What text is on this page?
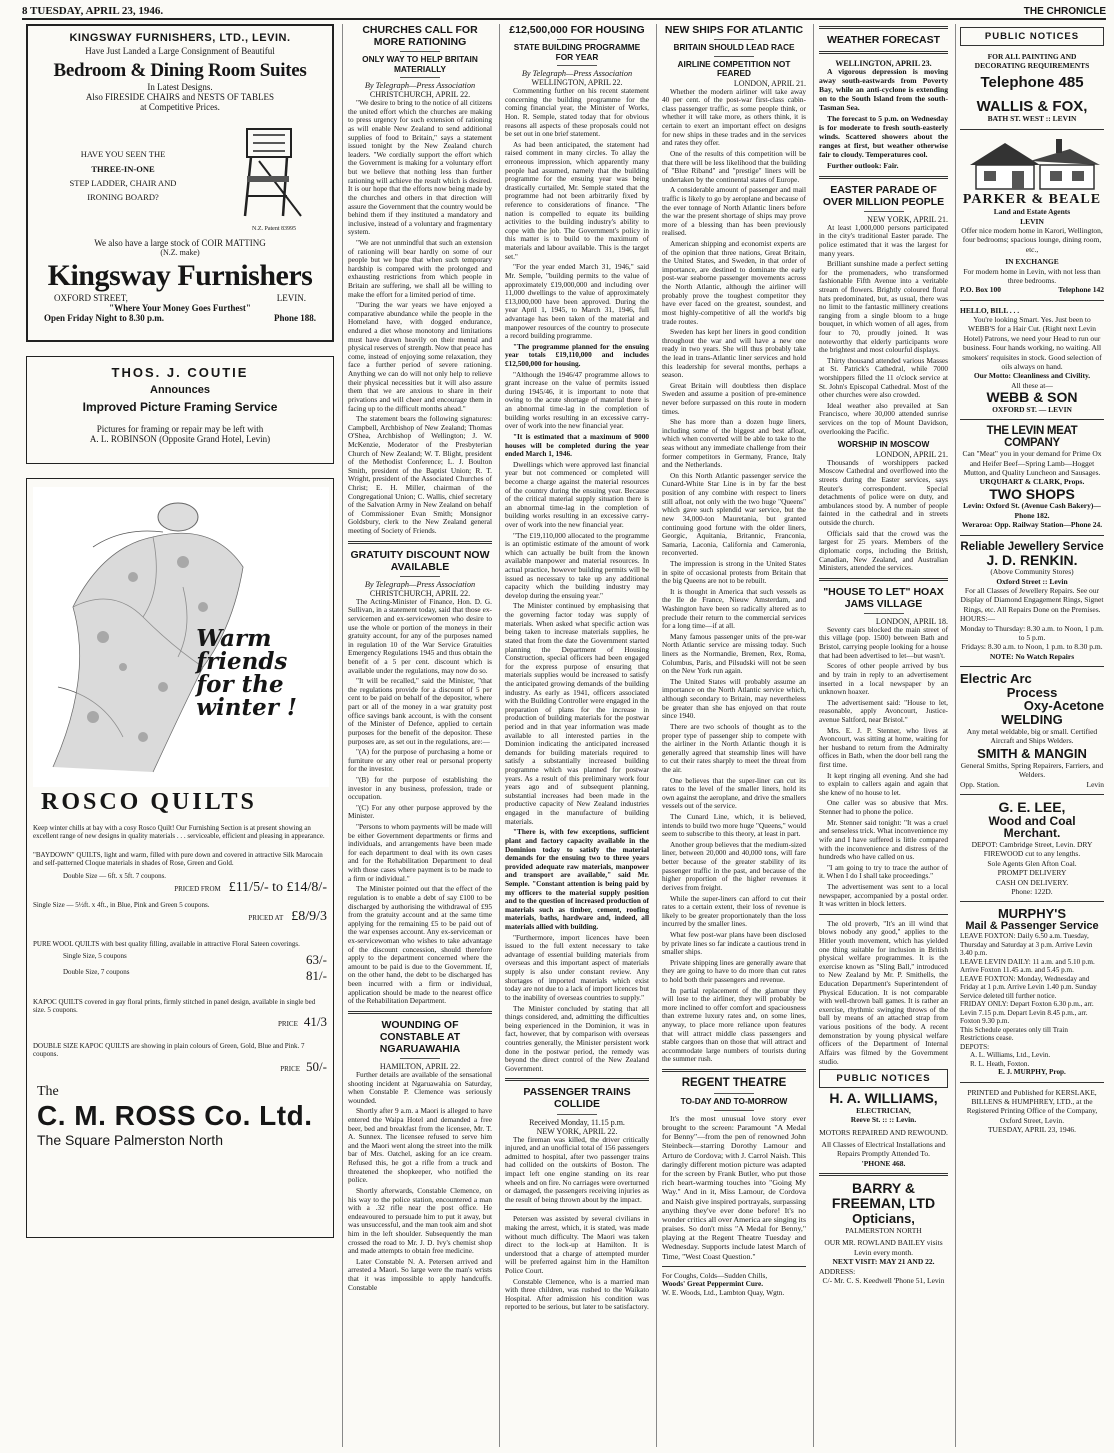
8 TUESDAY, APRIL 23, 1946.	THE CHRONICLE
KINGSWAY FURNISHERS, LTD., LEVIN.
Have Just Landed a Large Consignment of Beautiful
Bedroom & Dining Room Suites
In Latest Designs.
Also FIRESIDE CHAIRS and NESTS OF TABLES
at Competitive Prices.
HAVE YOU SEEN THE
THREE-IN-ONE
STEP LADDER, CHAIR AND
IRONING BOARD?
N.Z. Patent 83995
We also have a large stock of COIR MATTING
(N.Z. make)
Kingsway Furnishers
OXFORD STREET,	LEVIN.
"Where Your Money Goes Furthest"
Open Friday Night to 8.30 p.m.	Phone 188.
THOS. J. COUTIE
Announces
Improved Picture Framing Service
Pictures for framing or repair may be left with
A. L. ROBINSON (Opposite Grand Hotel, Levin)
Warm
friends
for the
winter !
ROSCO QUILTS
Keep winter chills at bay with a cosy Rosco Quilt! Our Furnishing Section is at present showing an excellent range of new designs in quality materials . . . serviceable, efficient and pleasing in appearance.
"BAYDOWN" QUILTS, light and warm, filled with pure down and covered in attractive Silk Marocain and self-patterned Cloque materials in shades of Rose, Green and Gold.
Double Size — 6ft. x 5ft. 7 coupons.
PRICED FROM £11/5/- to £14/8/-
Single Size — 5½ft. x 4ft., in Blue, Pink and Green 5 coupons.
PRICED AT £8/9/3
PURE WOOL QUILTS with best quality filling, available in attractive Floral Sateen coverings.
Single Size, 5 coupons	63/-
Double Size, 7 coupons	81/-
KAPOC QUILTS covered in gay floral prints, firmly stitched in panel design, available in single bed size. 5 coupons.
PRICE 41/3
DOUBLE SIZE KAPOC QUILTS are showing in plain colours of Green, Gold, Blue and Pink. 7 coupons.
PRICE 50/-
The
C. M. ROSS Co. Ltd.
The Square Palmerston North
CHURCHES CALL FOR MORE RATIONING
ONLY WAY TO HELP BRITAIN MATERIALLY
By Telegraph—Press Association
CHRISTCHURCH, APRIL 22.

"We desire to bring to the notice of all citizens the united effort which the churches are making to press urgency for such extension of rationing as will enable New Zealand to send additional supplies of food to Britain," says a statement issued tonight by the New Zealand church leaders. "We cordially support the effort which the Government is making for a voluntary effort but we believe that nothing less than further rationing will achieve the result which is desired. It is our hope that the efforts now being made by the churches and others in that direction will assure the Government that the country would be behind them if they instituted a mandatory and inclusive, instead of a voluntary and fragmentary system.

"We are not unmindful that such an extension of rationing will bear hardly on some of our people but we hope that when such temporary hardship is compared with the prolonged and exhausting restrictions from which people in Britain are suffering, we shall all be willing to make the effort for a limited period of time.

"During the war years we have enjoyed a comparative abundance while the people in the Homeland have, with dogged endurance, endured a diet whose monotony and limitations must have drawn heavily on their mental and physical reserves of strength. Now that peace has come, instead of enjoying some relaxation, they face a further period of severe rationing. Anything we can do will not only help to relieve their physical necessities but it will also assure them that we are anxious to share in their privations and will cheer and encourage them in facing up to the difficult months ahead."

The statement bears the following signatures: Campbell, Archbishop of New Zealand; Thomas O'Shea, Archbishop of Wellington; J. W. McKenzie, Moderator of the Presbyterian Church of New Zealand; W. T. Blight, president of the Methodist Conference; L. J. Boulton Smith, president of the Baptist Union; R. T. Wright, president of the Associated Churches of Christ; E. H. Miller, chairman of the Congregational Union; C. Wallis, chief secretary of the Salvation Army in New Zealand on behalf of Commissioner Evan Smith; Monsignor Goldsbury, clerk to the New Zealand general meeting of Society of Friends.

GRATUITY DISCOUNT NOW AVAILABLE
By Telegraph—Press Association
CHRISTCHURCH, APRIL 22.

The Acting-Minister of Finance, Hon. D. G. Sullivan, in a statement today, said that those ex-servicemen and ex-servicewomen who desire to use the whole or portion of the moneys in their gratuity account, for any of the purposes named in regulation 10 of the War Service Gratuities Emergency Regulations 1945 and thus obtain the benefit of a 5 per cent. discount which is available under the regulations, may now do so.

"It will be recalled," said the Minister, "that the regulations provide for a discount of 5 per cent to be paid on behalf of the depositor, where part or all of the money in a war gratuity post office savings bank account, is with the consent of the Minister of Defence, applied to certain purposes for the benefit of the depositor. These purposes are, as set out in the regulations, are:—

"(A) for the purpose of purchasing a home or furniture or any other real or personal property for the investor.

"(B) for the purpose of establishing the investor in any business, profession, trade or occupation.

"(C) For any other purpose approved by the Minister.

"Persons to whom payments will be made will be either Government departments or firms and individuals, and arrangements have been made for each department to deal with its own cases and for the Rehabilitation Department to deal with those cases where payment is to be made to a firm or individual."

The Minister pointed out that the effect of the regulation is to enable a debt of say £100 to be discharged by authorising the withdrawal of £95 from the gratuity account and at the same time applying for the remaining £5 to be paid out of the war expenses account. Any ex-serviceman or ex-servicewoman who wishes to take advantage of the discount concession, should therefore apply to the department concerned where the amount to be paid is due to the Government. If, on the other hand, the debt to be discharged has been incurred with a firm or individual, application should be made to the nearest office of the Rehabilitation Department.

WOUNDING OF CONSTABLE AT NGARUAWAHIA
HAMILTON, APRIL 22.

Further details are available of the sensational shooting incident at Ngaruawahia on Saturday, when Constable P. Clemence was seriously wounded.

Shortly after 9 a.m. a Maori is alleged to have entered the Waipa Hotel and demanded a free beer, bed and breakfast from the licensee, Mr. T. A. Sunnex. The licensee refused to serve him and the Maori went along the street into the milk bar of Mrs. Oatchel, asking for an ice cream. Refused this, he got a rifle from a truck and threatened the shopkeeper, who notified the police.

Shortly afterwards, Constable Clemence, on his way to the police station, encountered a man with a .32 rifle near the post office. He endeavoured to persuade him to put it away, but was unsuccessful, and the man took aim and shot him in the left shoulder. Subsequently the man crossed the road to Mr. J. D. Ivy's chemist shop and made attempts to obtain free medicine.

Later Constable N. A. Petersen arrived and arrested a Maori. So large were the man's wrists that it was impossible to apply handcuffs. Constable

£12,500,000 FOR HOUSING
STATE BUILDING PROGRAMME FOR YEAR
By Telegraph—Press Association
WELLINGTON, APRIL 22.

Commenting further on his recent statement concerning the building programme for the coming financial year, the Minister of Works, Hon. R. Semple, stated today that for obvious reasons all aspects of these proposals could not be set out in one brief statement.

As had been anticipated, the statement had raised comment in many circles. To allay the erroneous impression, which apparently many people had assumed, namely that the building programme for the ensuing year was being drastically curtailed, Mr. Semple stated that the programme had not been arbitrarily fixed by reference to considerations of finance. "The nation is compelled to equate its building activities to the building industry's ability to cope with the job. The Government's policy in this matter is to build to the maximum of materials and labour available. This is the target set."

"For the year ended March 31, 1946," said Mr. Semple, "building permits to the value of approximately £19,000,000 and including over 11,000 dwellings to the value of approximately £13,000,000 have been approved. During the year April 1, 1945, to March 31, 1946, full advantage has been taken of the material and manpower resources of the country to prosecute a record building programme.

"The programme planned for the ensuing year totals £19,110,000 and includes £12,500,000 for housing.

"Although the 1946/47 programme allows to grant increase on the value of permits issued during 1945/46, it is important to note that owing to the acute shortage of material there is an abnormal time-lag in the completion of building works resulting in an excessive carry-over of work into the new financial year.

"It is estimated that a maximum of 9000 houses will be completed during the year ended March 1, 1946.

Dwellings which were approved last financial year but not commenced or completed will become a charge against the material resources of the country during the ensuing year. Because of the critical material supply situation there is an abnormal time-lag in the completion of building works resulting in an excessive carry-over of work into the new financial year.

"The £19,110,000 allocated to the programme is an optimistic estimate of the amount of work which can actually be built from the known available manpower and material resources. In actual practice, however building permits will be issued as necessary to take up any additional capacity which the building industry may develop during the ensuing year."

The Minister continued by emphasising that the governing factor today was supply of materials. When asked what specific action was being taken to increase materials supplies, he stated that from the date the Government started planning the Department of Housing Construction, special officers had been engaged for the express purpose of ensuring that materials supplies would be increased to satisfy the anticipated growing demands of the building industry. As early as 1941, officers associated with the Building Controller were engaged in the preparation of plans for the increase in production of building materials for the postwar period and in that year information was made available to all interested parties in the Dominion indicating the anticipated increased demands for building materials required to satisfy a substantially increased building programme which was planned for postwar years. As a result of this preliminary work four years ago and of subsequent planning, substantial increases had been made in the productive capacity of New Zealand industries engaged in the manufacture of building materials.

"There is, with few exceptions, sufficient plant and factory capacity available in the Dominion today to satisfy the material demands for the ensuing two to three years provided adequate raw materials, manpower and transport are available," said Mr. Semple. "Constant attention is being paid by my officers to the material supply position and to the question of increased production of materials such as timber, cement, roofing materials, baths, hardware and, indeed, all materials allied with building.

"Furthermore, import licences have been issued to the full extent necessary to take advantage of essential building materials from overseas and this important aspect of materials supply is also under constant review. Any shortages of imported materials which exist today are not due to a lack of import licences but to the inability of overseas countries to supply."

The Minister concluded by stating that all things considered, and, admitting the difficulties being experienced in the Dominion, it was in fact, however, that by comparison with overseas countries generally, the Minister persistent work done in the postwar period, the remedy was beyond the direct control of the New Zealand Government.

PASSENGER TRAINS COLLIDE
Received Monday, 11.15 p.m.
NEW YORK, APRIL 22.

The fireman was killed, the driver critically injured, and an unofficial total of 156 passengers admitted to hospital, after two passenger trains had collided on the outskirts of Boston. The impact left one engine standing on its rear wheels and on fire. No carriages were overturned or damaged, the passengers receiving injuries as the result of being thrown about by the impact.

Petersen was assisted by several civilians in making the arrest, which, it is stated, was made without much difficulty. The Maori was taken direct to the lock-up at Hamilton. It is understood that a charge of attempted murder will be preferred against him in the Hamilton Police Court.

Constable Clemence, who is a married man with three children, was rushed to the Waikato Hospital. After admission his condition was reported to be serious, but later to be satisfactory.

NEW SHIPS FOR ATLANTIC
BRITAIN SHOULD LEAD RACE
AIRLINE COMPETITION NOT FEARED
LONDON, APRIL 21.

Whether the modern airliner will take away 40 per cent. of the post-war first-class cabin-class passenger traffic, as some people think, or whether it will take more, as others think, it is certain to exert an important effect on designs for new ships in these trades and in the services and rates they offer.

One of the results of this competition will be that there will be less likelihood that the building of "Blue Riband" and "prestige" liners will be undertaken by the continental states of Europe.

A considerable amount of passenger and mail traffic is likely to go by aeroplane and because of the ever tonnage of North Atlantic liners before the war the present shortage of ships may prove more of a blessing than has been previously realised.

American shipping and economist experts are of the opinion that three nations, Great Britain, the United States, and Sweden, in that order of importance, are destined to dominate the early post-war seaborne passenger movements across the North Atlantic, although the airliner will probably prove the toughest competitor they have ever faced on the greatest, soundest, and most highly-competitive of all the world's big trade routes.

Sweden has kept her liners in good condition throughout the war and will have a new one ready in two years. She will thus probably take the lead in trans-Atlantic liner services and hold this leadership for several months, perhaps a season.

Great Britain will doubtless then displace Sweden and assume a position of pre-eminence never before surpassed on this route in modern times.

She has more than a dozen huge liners, including some of the biggest and best afloat, which when converted will be able to take to the seas without any immediate challenge from their former competitors in Germany, France, Italy and the Netherlands.

On this North Atlantic passenger service the Cunard-White Star Line is in by far the best position of any combine with respect to liners still afloat, not only with the two huge "Queens" which gave such splendid war service, but the new 34,000-ton Mauretania, but granted continuing good fortune with the older liners, Georgic, Aquitania, Britannic, Franconia, Samaria, Laconia, California and Cameronia, reconverted.

The impression is strong in the United States in spite of occasional protests from Britain that the big Queens are not to be rebuilt.

It is thought in America that such vessels as the Ile de France, Nieuw Amsterdam, and Washington have been so radically altered as to preclude their return to the commercial services for a long time—if at all.

Many famous passenger units of the pre-war North Atlantic service are missing today. Such liners as the Normandie, Bremen, Rex, Roma, Columbus, Paris, and Pilsudski will not be seen on the New York run again.

The United States will probably assume an importance on the North Atlantic service which, although secondary to Britain, may nevertheless be greater than she has enjoyed on that route since 1940.

There are two schools of thought as to the proper type of passenger ship to compete with the airliner in the North Atlantic though it is generally agreed that steamship lines will have to cut their rates sharply to meet the threat from the air.

One believes that the super-liner can cut its rates to the level of the smaller liners, hold its own against the aeroplane, and drive the smallers vessels out of the service.

The Cunard Line, which, it is believed, intends to build two more huge "Queens," would seem to subscribe to this theory, at least in part.

Another group believes that the medium-sized liner, between 20,000 and 40,000 tons, will fare better because of the greater stability of its passenger traffic in the past, and because of the higher proportion of the higher revenues it derives from freight.

While the super-liners can afford to cut their rates to a certain extent, their loss of revenue is likely to be greater proportionately than the loss incurred by the smaller lines.

What few post-war plans have been disclosed by private lines so far indicate a cautious trend in smaller ships.

Private shipping lines are generally aware that they are going to have to do more than cut rates to hold both their passengers and revenue.

In partial replacement of the glamour they will lose to the airliner, they will probably be more inclined to offer comfort and spaciousness than extreme luxury rates and, on some lines, anyway, to place more reliance upon features that will attract middle class passengers and stable cargoes than on those that will attract and accommodate large numbers of tourists during the summer rush.

REGENT THEATRE
TO-DAY AND TO-MORROW

It's the most unusual love story ever brought to the screen: Paramount "A Medal for Benny"—from the pen of renowned John Steinbeck—starring Dorothy Lamour and Arturo de Cordova; with J. Carrol Naish. This daringly different motion picture was adapted for the screen by Frank Butler, who put those rich heart-warming touches into "Going My Way." And in it, Miss Lamour, de Cordova and Naish give inspired portrayals, surpassing anything they've ever done before! It's no wonder critics all over America are singing its praises. So don't miss "A Medal for Benny," playing at the Regent Theatre Tuesday and Wednesday. Supports include latest March of Time, "West Coast Question."

For Coughs, Colds—Sudden Chills,
Woods' Great Peppermint Cure.
W. E. Woods, Ltd., Lambton Quay, Wgtn.
WEATHER FORECAST
WELLINGTON, APRIL 23.

A vigorous depression is moving away south-eastwards from Poverty Bay, while an anti-cyclone is extending on to the South Island from the south-Tasman Sea.

The forecast to 5 p.m. on Wednesday is for moderate to fresh south-easterly winds. Scattered showers about the ranges at first, but weather otherwise fair to cloudy. Temperatures cool.

Further outlook: Fair.

EASTER PARADE OF OVER MILLION PEOPLE
NEW YORK, APRIL 21.

At least 1,000,000 persons participated in the city's traditional Easter parade. The police estimated that it was the largest for many years.

Brilliant sunshine made a perfect setting for the promenaders, who transformed fashionable Fifth Avenue into a veritable stream of flowers. Brightly coloured floral hats predominated, but, as usual, there was no limit to the fantastic millinery creations ranging from a single bloom to a huge bouquet, in which women of all ages, from four to 70, proudly joined. It was noteworthy that elderly participants wore the brightest and most colourful displays.

Thirty thousand attended various Masses at St. Patrick's Cathedral, while 7000 worshippers filled the 11 o'clock service at St. John's Episcopal Cathedral. Most of the other churches were also crowded.

Ideal weather also prevailed at San Francisco, where 30,000 attended sunrise services on the top of Mount Davidson, overlooking the Pacific.

WORSHIP IN MOSCOW
LONDON, APRIL 21.

Thousands of worshippers packed Moscow Cathedral and overflowed into the streets during the Easter services, says Reuter's correspondent. Special detachments of police were on duty, and ambulances stood by. A number of people fainted in the cathedral and in streets outside the church.

Officials said that the crowd was the largest for 25 years. Members of the diplomatic corps, including the British, Canadian, New Zealand, and Australian Ministers, attended the services.

"HOUSE TO LET" HOAX JAMS VILLAGE
LONDON, APRIL 18.

Seventy cars blocked the main street of this village (pop. 1500) between Bath and Bristol, carrying people looking for a house that had been advertised to let—but wasn't.

Scores of other people arrived by bus and by train in reply to an advertisement inserted in a local newspaper by an unknown hoaxer.

The advertisement said: "House to let, reasonable, apply Avoncourt, Justice-avenue Saltford, near Bristol."

Mrs. E. J. P. Stenner, who lives at Avoncourt, was sitting at home, waiting for her husband to return from the Admiralty offices in Bath, when the door bell rang the first time.

It kept ringing all evening. And she had to explain to callers again and again that she knew of no house to let.

One caller was so abusive that Mrs. Stenner had to phone the police.

Mr. Stenner said tonight: "It was a cruel and senseless trick. What inconvenience my wife and I have suffered is little compared with the inconvenience and distress of the hundreds who have called on us.

"I am going to try to trace the author of it. When I do I shall take proceedings."

The advertisement was sent to a local newspaper, accompanied by a postal order. It was written in block letters.

The old proverb, "It's an ill wind that blows nobody any good," applies to the Hitler youth movement, which has yielded one thing suitable for inclusion in British physical welfare programmes. It is the exercise known as "Sling Ball," introduced to New Zealand by Mr. P. Smithells, the Education Department's Superintendent of Physical Education. It is not comparable with well-thrown ball games. It is rather an exercise, rhythmic swinging throws of the ball by means of an attached strap from various positions of the body. A recent demonstration by young physical welfare officers of the Department of Internal Affairs was filmed by the Government studio.

PUBLIC NOTICES
H. A. WILLIAMS,
ELECTRICIAN,
Reeve St. :: :: Levin.
MOTORS REPAIRED AND REWOUND.
All Classes of Electrical Installations and Repairs Promptly Attended To.
'PHONE 468.
BARRY & FREEMAN, LTD
Opticians,
PALMERSTON NORTH
OUR MR. ROWLAND BAILEY visits Levin every month.
NEXT VISIT: MAY 21 AND 22.
ADDRESS:
C/- Mr. C. S. Keedwell 'Phone 51, Levin
PUBLIC NOTICES
FOR ALL PAINTING AND
DECORATING REQUIREMENTS
Telephone 485
WALLIS & FOX,
BATH ST. WEST :: LEVIN
PARKER & BEALE
Land and Estate Agents
LEVIN
Offer nice modern home in Karori, Wellington, four bedrooms; spacious lounge, dining room, etc.,
IN EXCHANGE
For modern home in Levin, with not less than three bedrooms.
P.O. Box 100	Telephone 142
HELLO, BILL . . .
You're looking Smart. Yes. Just been to WEBB'S for a Hair Cut. (Right next Levin Hotel) Patrons, we need your Head to run our business. Four hands working, no waiting. All smokers' requisites in stock. Good selection of oils always on hand.
Our Motto: Cleanliness and Civility.
All these at—
WEBB & SON
OXFORD ST. — LEVIN
THE LEVIN MEAT COMPANY
Can "Meat" you in your demand for Prime Ox and Heifer Beef—Spring Lamb—Hogget Mutton, and Quality Luncheon and Sausages.
URQUHART & CLARK, Props.
TWO SHOPS
Levin: Oxford St. (Avenue Cash Bakery)—Phone 182.
Weraroa: Opp. Railway Station—Phone 24.
Reliable Jewellery Service
J. D. RENKIN.
(Above Community Stores)
Oxford Street :: Levin
For all Classes of Jewellery Repairs. See our Display of Diamond Engagement Rings, Signet Rings, etc. All Repairs Done on the Premises.
HOURS:—
Monday to Thursday: 8.30 a.m. to Noon, 1 p.m. to 5 p.m.
Fridays: 8.30 a.m. to Noon, 1 p.m. to 8.30 p.m.
NOTE: No Watch Repairs
Electric Arc
Process
Oxy-Acetone
WELDING
Any metal weldable, big or small. Certified Aircraft and Ships Welders.
SMITH & MANGIN
General Smiths, Spring Repairers, Farriers, and Welders.
Opp. Station.	Levin
G. E. LEE,
Wood and Coal Merchant.
DEPOT: Cambridge Street, Levin. DRY FIREWOOD cut to any lengths.
Sole Agents Glen Afton Coal.
PROMPT DELIVERY
CASH ON DELIVERY.
Phone: 122D.
MURPHY'S
Mail & Passenger Service
LEAVE FOXTON: Daily 6.50 a.m. Tuesday, Thursday and Saturday at 3 p.m. Arrive Levin 3.40 p.m.
LEAVE LEVIN DAILY: 11 a.m. and 5.10 p.m. Arrive Foxton 11.45 a.m. and 5.45 p.m.
LEAVE FOXTON: Monday, Wednesday and Friday at 1 p.m. Arrive Levin 1.40 p.m. Sunday Service deleted till further notice.
FRIDAY ONLY: Depart Foxton 6.30 p.m., arr. Levin 7.15 p.m. Depart Levin 8.45 p.m., arr. Foxton 9.30 p.m.
This Schedule operates only till Train Restrictions cease.
DEPOTS:
A. L. Williams, Ltd., Levin.
R. L. Heath, Foxton.
E. J. MURPHY, Prop.
PRINTED and Published for KERSLAKE, BILLENS & HUMPHREY, LTD., at the Registered Printing Office of the Company, Oxford Street, Levin.
TUESDAY, APRIL 23, 1946.
